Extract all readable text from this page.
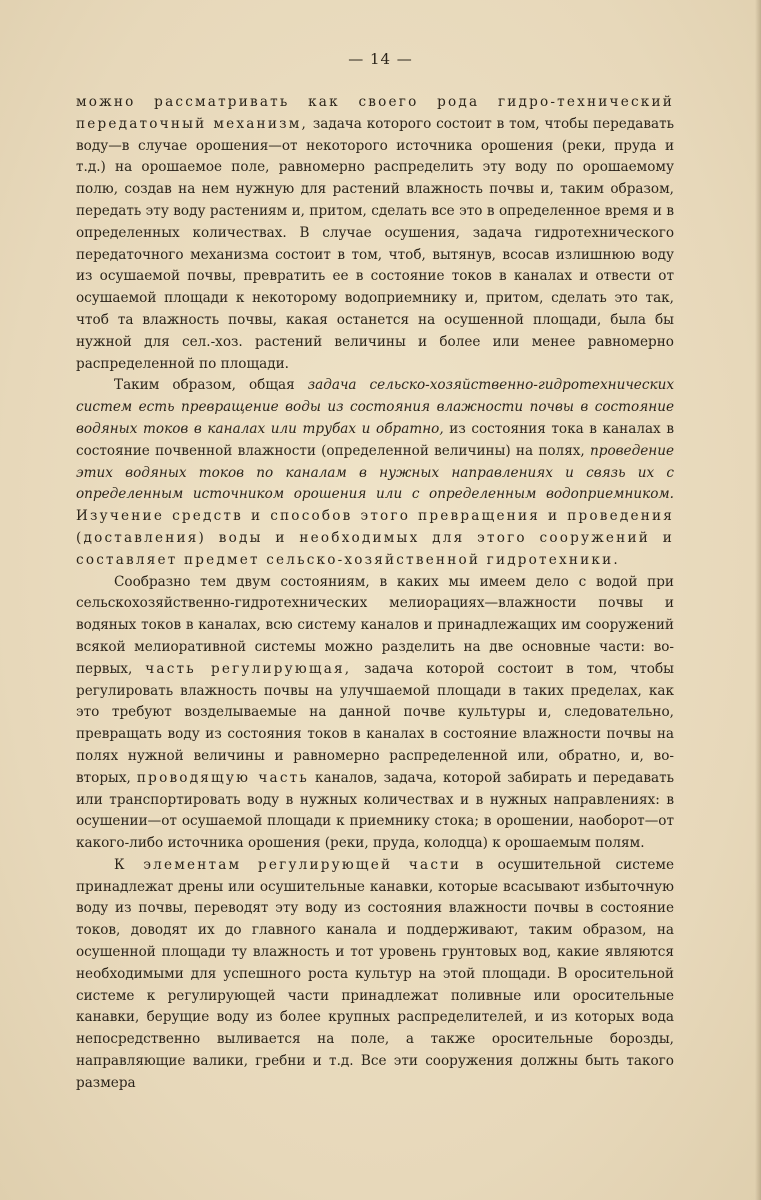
— 14 —

можно рассматривать как своего рода гидро-технический передаточный механизм, задача которого состоит в том, чтобы передавать воду—в случае орошения—от некоторого источника орошения (реки, пруда и т.д.) на орошаемое поле, равномерно распределить эту воду по орошаемому полю, создав на нем нужную для растений влажность почвы и, таким образом, передать эту воду растениям и, притом, сделать все это в определенное время и в определенных количествах. В случае осушения, задача гидротехнического передаточного механизма состоит в том, чтоб, вытянув, всосав излишнюю воду из осушаемой почвы, превратить ее в состояние токов в каналах и отвести от осушаемой площади к некоторому водоприемнику и, притом, сделать это так, чтоб та влажность почвы, какая останется на осушенной площади, была бы нужной для сел.-хоз. растений величины и более или менее равномерно распределенной по площади.

Таким образом, общая задача сельско-хозяйственно-гидротехнических систем есть превращение воды из состояния влажности почвы в состояние водяных токов в каналах или трубах и обратно, из состояния тока в каналах в состояние почвенной влажности (определенной величины) на полях, проведение этих водяных токов по каналам в нужных направлениях и связь их с определенным источником орошения или с определенным водоприемником. Изучение средств и способов этого превращения и проведения (доставления) воды и необходимых для этого сооружений и составляет предмет сельско-хозяйственной гидротехники.

Сообразно тем двум состояниям, в каких мы имеем дело с водой при сельскохозяйственно-гидротехнических мелиорациях—влажности почвы и водяных токов в каналах, всю систему каналов и принадлежащих им сооружений всякой мелиоративной системы можно разделить на две основные части: во-первых, часть регулирующая, задача которой состоит в том, чтобы регулировать влажность почвы на улучшаемой площади в таких пределах, как это требуют возделываемые на данной почве культуры и, следовательно, превращать воду из состояния токов в каналах в состояние влажности почвы на полях нужной величины и равномерно распределенной или, обратно, и, во-вторых, проводящую часть каналов, задача, которой забирать и передавать или транспортировать воду в нужных количествах и в нужных направлениях: в осушении—от осушаемой площади к приемнику стока; в орошении, наоборот—от какого-либо источника орошения (реки, пруда, колодца) к орошаемым полям.

К элементам регулирующей части в осушительной системе принадлежат дрены или осушительные канавки, которые всасывают избыточную воду из почвы, переводят эту воду из состояния влажности почвы в состояние токов, доводят их до главного канала и поддерживают, таким образом, на осушенной площади ту влажность и тот уровень грунтовых вод, какие являются необходимыми для успешного роста культур на этой площади. В оросительной системе к регулирующей части принадлежат поливные или оросительные канавки, берущие воду из более крупных распределителей, и из которых вода непосредственно выливается на поле, а также оросительные борозды, направляющие валики, гребни и т.д. Все эти сооружения должны быть такого размера
